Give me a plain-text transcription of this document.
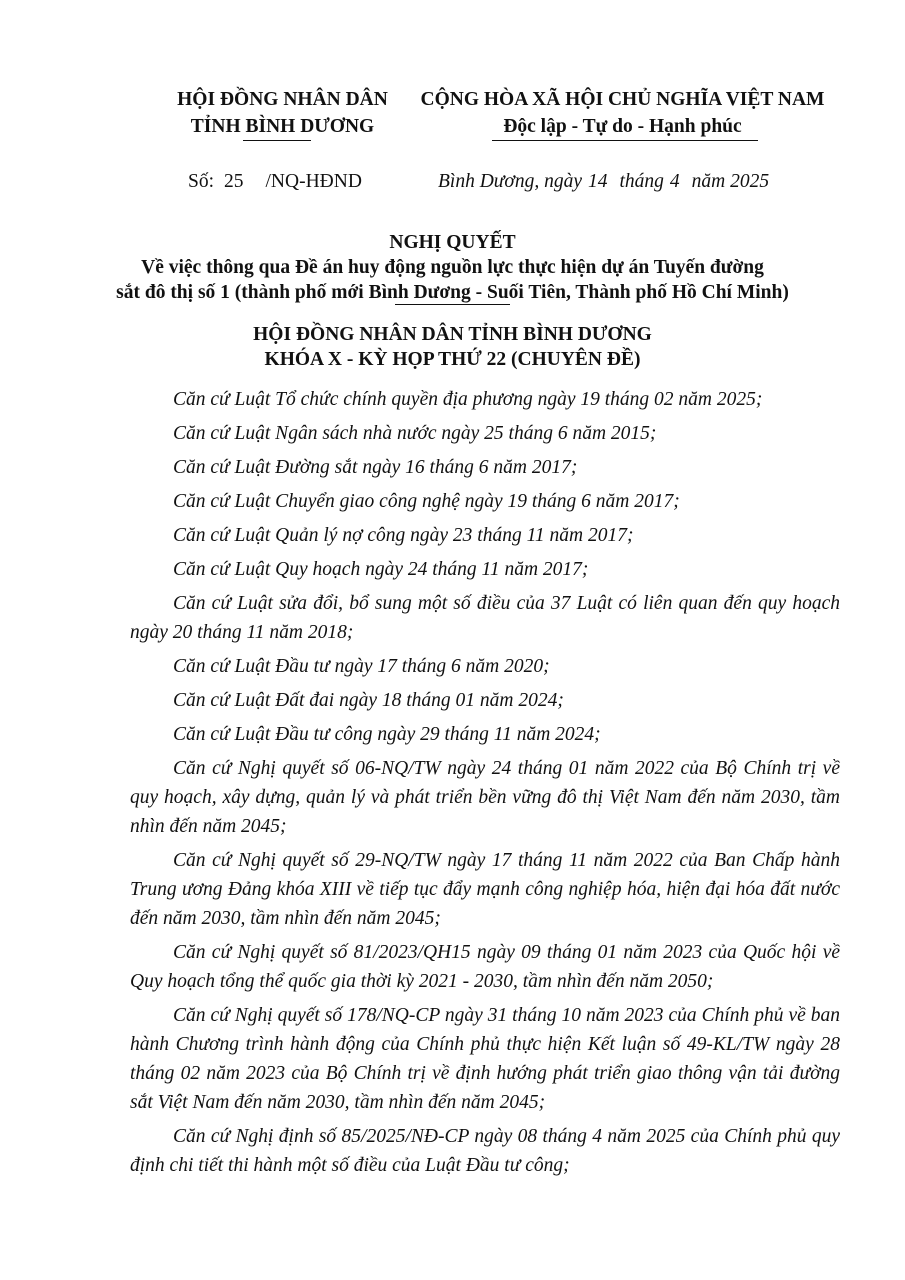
HỘI ĐỒNG NHÂN DÂN
TỈNH BÌNH DƯƠNG
CỘNG HÒA XÃ HỘI CHỦ NGHĨA VIỆT NAM
Độc lập - Tự do - Hạnh phúc
Số: 25 /NQ-HĐND	Bình Dương, ngày 14 tháng 4 năm 2025
NGHỊ QUYẾT
Về việc thông qua Đề án huy động nguồn lực thực hiện dự án Tuyến đường
sắt đô thị số 1 (thành phố mới Bình Dương - Suối Tiên, Thành phố Hồ Chí Minh)
HỘI ĐỒNG NHÂN DÂN TỈNH BÌNH DƯƠNG
KHÓA X - KỲ HỌP THỨ 22 (CHUYÊN ĐỀ)

Căn cứ Luật Tổ chức chính quyền địa phương ngày 19 tháng 02 năm 2025;

Căn cứ Luật Ngân sách nhà nước ngày 25 tháng 6 năm 2015;

Căn cứ Luật Đường sắt ngày 16 tháng 6 năm 2017;

Căn cứ Luật Chuyển giao công nghệ ngày 19 tháng 6 năm 2017;

Căn cứ Luật Quản lý nợ công ngày 23 tháng 11 năm 2017;

Căn cứ Luật Quy hoạch ngày 24 tháng 11 năm 2017;

Căn cứ Luật sửa đổi, bổ sung một số điều của 37 Luật có liên quan đến quy hoạch ngày 20 tháng 11 năm 2018;

Căn cứ Luật Đầu tư ngày 17 tháng 6 năm 2020;

Căn cứ Luật Đất đai ngày 18 tháng 01 năm 2024;

Căn cứ Luật Đầu tư công ngày 29 tháng 11 năm 2024;

Căn cứ Nghị quyết số 06-NQ/TW ngày 24 tháng 01 năm 2022 của Bộ Chính trị về quy hoạch, xây dựng, quản lý và phát triển bền vững đô thị Việt Nam đến năm 2030, tầm nhìn đến năm 2045;

Căn cứ Nghị quyết số 29-NQ/TW ngày 17 tháng 11 năm 2022 của Ban Chấp hành Trung ương Đảng khóa XIII về tiếp tục đẩy mạnh công nghiệp hóa, hiện đại hóa đất nước đến năm 2030, tầm nhìn đến năm 2045;

Căn cứ Nghị quyết số 81/2023/QH15 ngày 09 tháng 01 năm 2023 của Quốc hội về Quy hoạch tổng thể quốc gia thời kỳ 2021 - 2030, tầm nhìn đến năm 2050;

Căn cứ Nghị quyết số 178/NQ-CP ngày 31 tháng 10 năm 2023 của Chính phủ về ban hành Chương trình hành động của Chính phủ thực hiện Kết luận số 49-KL/TW ngày 28 tháng 02 năm 2023 của Bộ Chính trị về định hướng phát triển giao thông vận tải đường sắt Việt Nam đến năm 2030, tầm nhìn đến năm 2045;

Căn cứ Nghị định số 85/2025/NĐ-CP ngày 08 tháng 4 năm 2025 của Chính phủ quy định chi tiết thi hành một số điều của Luật Đầu tư công;
